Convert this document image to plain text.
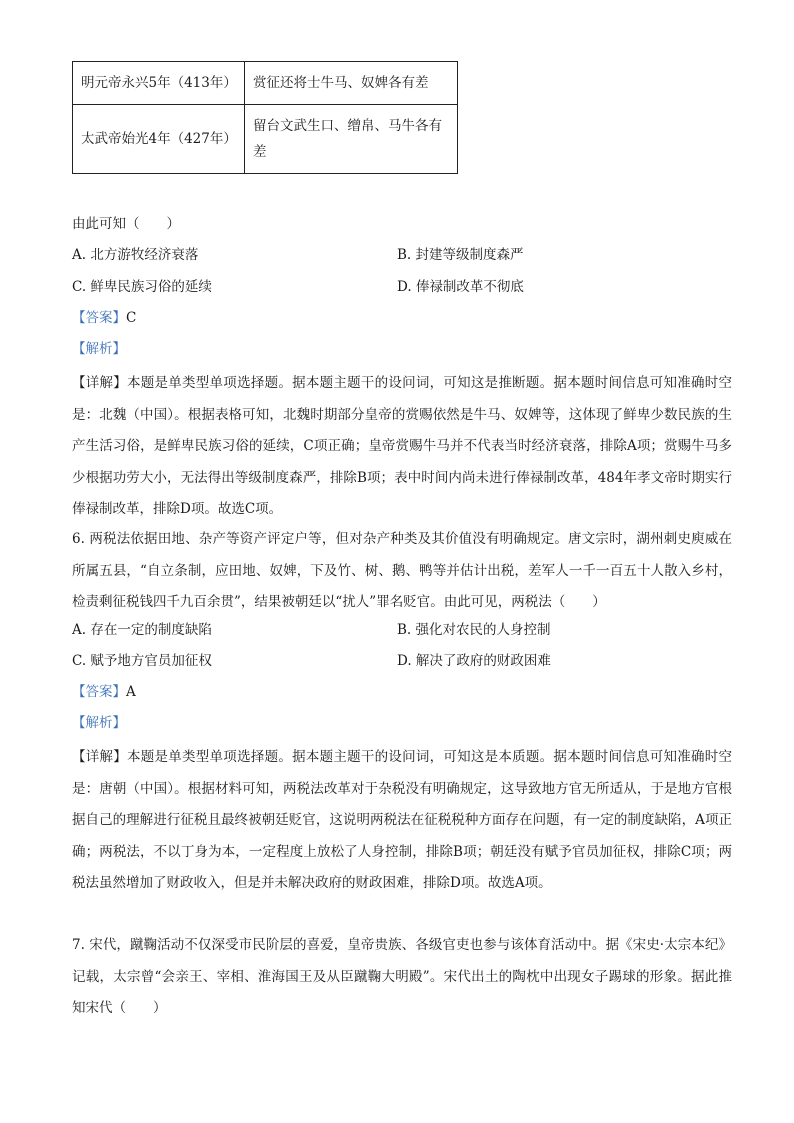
明元帝永兴5年（413年）	赏征还将士牛马、奴婢各有差
太武帝始光4年（427年）	留台文武生口、缯帛、马牛各有差
由此可知（　　）
A. 北方游牧经济衰落	B. 封建等级制度森严
C. 鲜卑民族习俗的延续	D. 俸禄制改革不彻底
【答案】C
【解析】
【详解】本题是单类型单项选择题。据本题主题干的设问词，可知这是推断题。据本题时间信息可知准确时空是：北魏（中国）。根据表格可知，北魏时期部分皇帝的赏赐依然是牛马、奴婢等，这体现了鲜卑少数民族的生产生活习俗，是鲜卑民族习俗的延续，C项正确；皇帝赏赐牛马并不代表当时经济衰落，排除A项；赏赐牛马多少根据功劳大小，无法得出等级制度森严，排除B项；表中时间内尚未进行俸禄制改革，484年孝文帝时期实行俸禄制改革，排除D项。故选C项。
6. 两税法依据田地、杂产等资产评定户等，但对杂产种类及其价值没有明确规定。唐文宗时，湖州刺史庾威在所属五县，“自立条制，应田地、奴婢，下及竹、树、鹅、鸭等并估计出税，差军人一千一百五十人散入乡村，检责剩征税钱四千九百余贯”，结果被朝廷以“扰人”罪名贬官。由此可见，两税法（　　）
A. 存在一定的制度缺陷	B. 强化对农民的人身控制
C. 赋予地方官员加征权	D. 解决了政府的财政困难
【答案】A
【解析】
【详解】本题是单类型单项选择题。据本题主题干的设问词，可知这是本质题。据本题时间信息可知准确时空是：唐朝（中国）。根据材料可知，两税法改革对于杂税没有明确规定，这导致地方官无所适从，于是地方官根据自己的理解进行征税且最终被朝廷贬官，这说明两税法在征税税种方面存在问题，有一定的制度缺陷，A项正确；两税法，不以丁身为本，一定程度上放松了人身控制，排除B项；朝廷没有赋予官员加征权，排除C项；两税法虽然增加了财政收入，但是并未解决政府的财政困难，排除D项。故选A项。
7. 宋代，蹴鞠活动不仅深受市民阶层的喜爱，皇帝贵族、各级官吏也参与该体育活动中。据《宋史·太宗本纪》记载，太宗曾“会亲王、宰相、淮海国王及从臣蹴鞠大明殿”。宋代出土的陶枕中出现女子踢球的形象。据此推知宋代（　　）
